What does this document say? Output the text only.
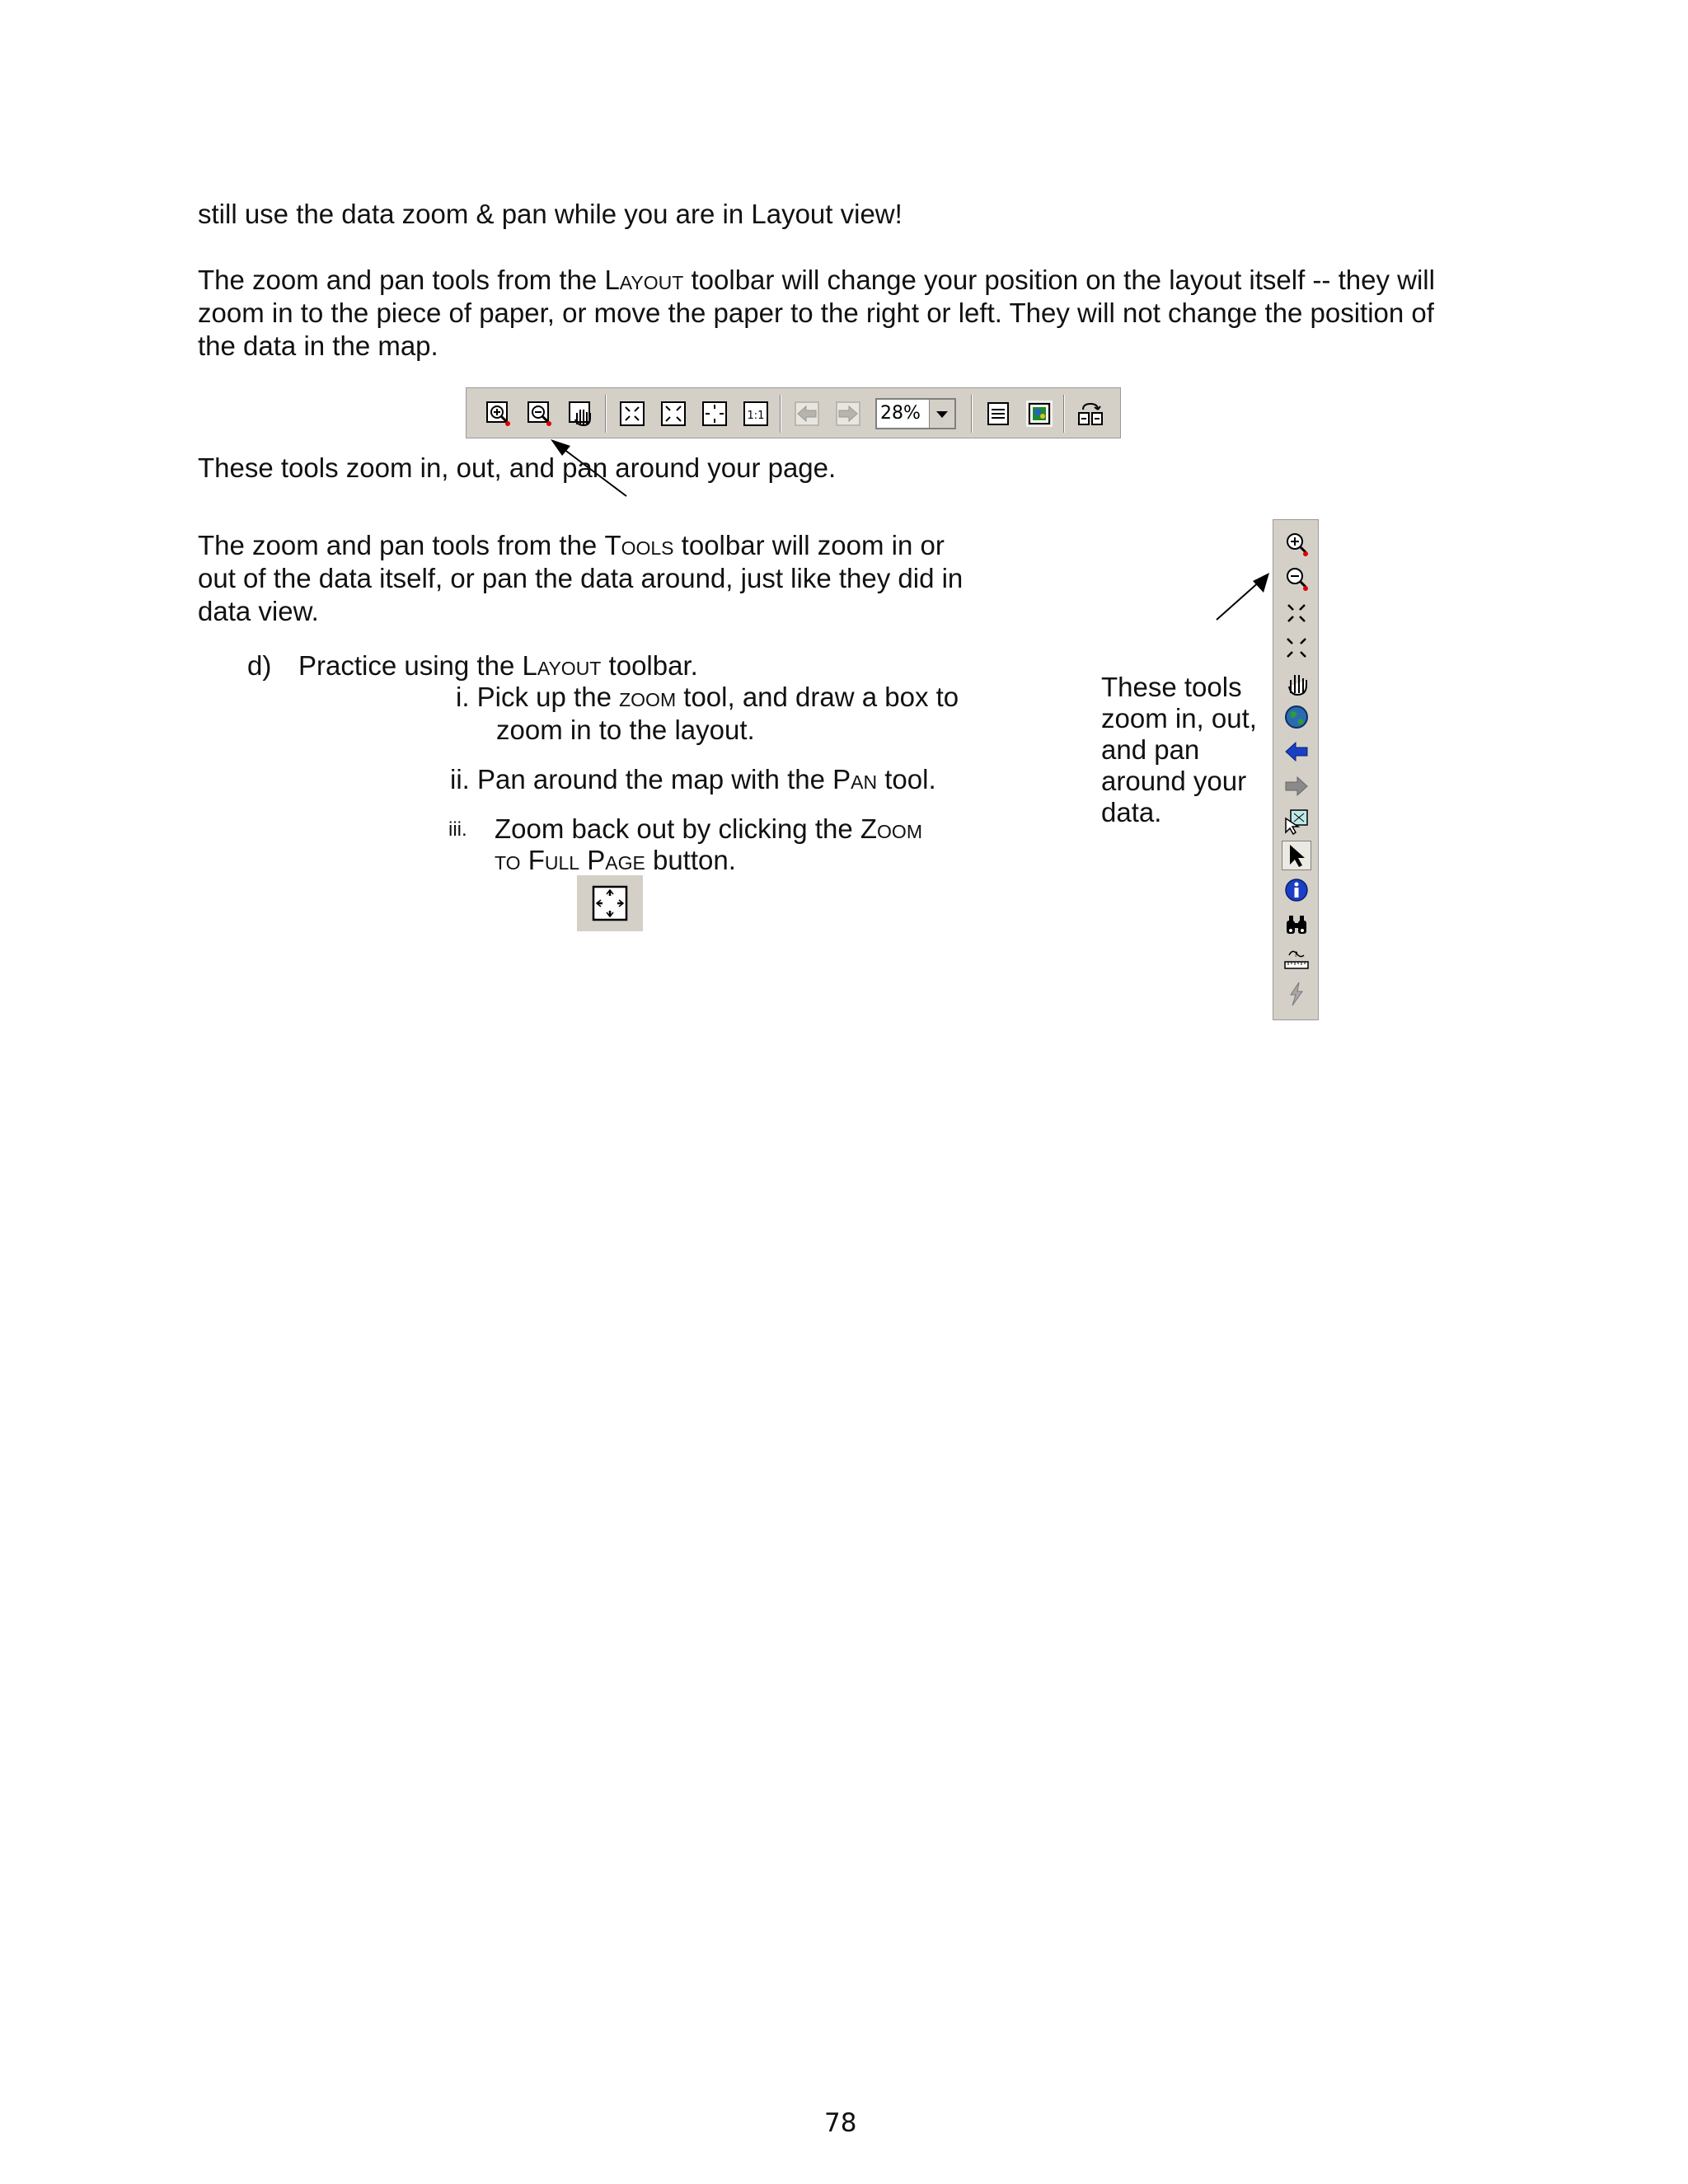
still use the data zoom & pan while you are in Layout view!

The zoom and pan tools from the Layout toolbar will change your position on the layout itself -- they will

zoom in to the piece of paper, or move the paper to the right or left. They will not change the position of

the data in the map.

1:1	28%

These tools zoom in, out, and pan around your page.

The zoom and pan tools from the Tools toolbar will zoom in or

out of the data itself, or pan the data around, just like they did in

data view.

d) Practice using the Layout toolbar.

i. Pick up the zoom tool, and draw a box to

zoom in to the layout.

ii. Pan around the map with the Pan tool.

iii. Zoom back out by clicking the Zoom

to Full Page button.

These tools

zoom in, out,

and pan

around your

data.

?

78
